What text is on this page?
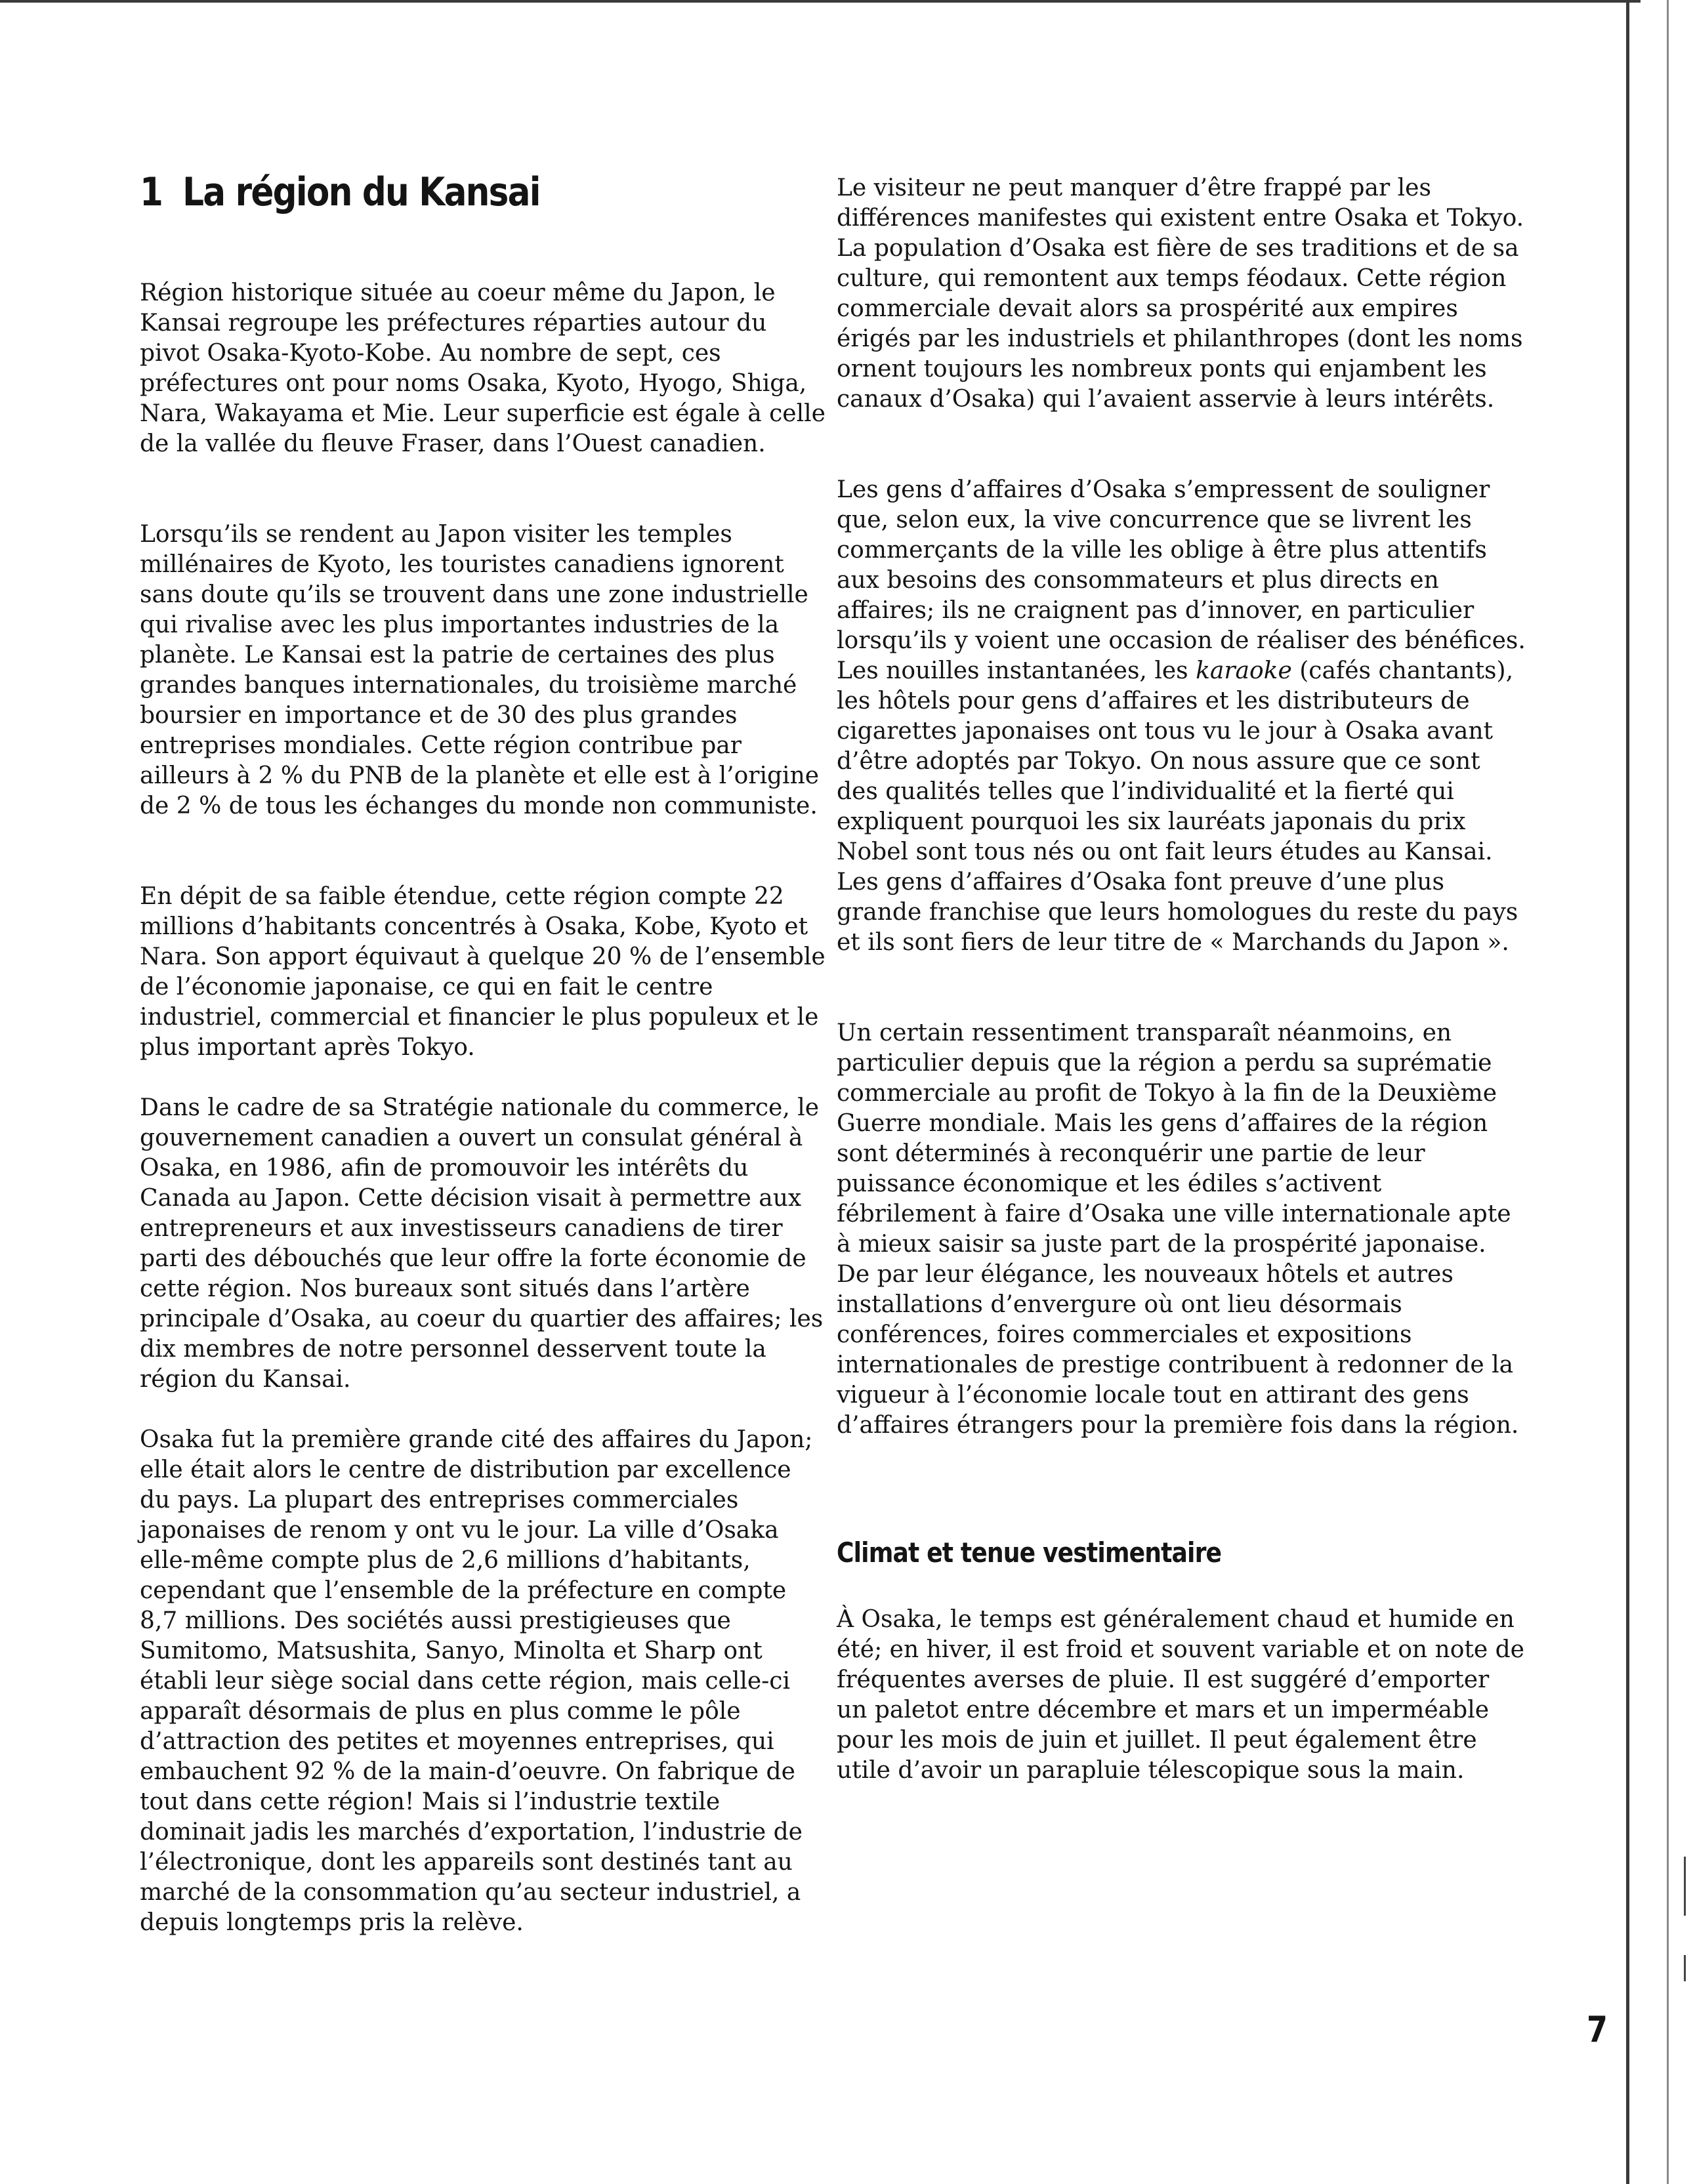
1 La région du Kansai

Région historique située au coeur même du Japon, le Kansai regroupe les préfectures réparties autour du pivot Osaka-Kyoto-Kobe. Au nombre de sept, ces préfectures ont pour noms Osaka, Kyoto, Hyogo, Shiga, Nara, Wakayama et Mie. Leur superficie est égale à celle de la vallée du fleuve Fraser, dans l’Ouest canadien.

Lorsqu’ils se rendent au Japon visiter les temples millénaires de Kyoto, les touristes canadiens ignorent sans doute qu’ils se trouvent dans une zone industrielle qui rivalise avec les plus importantes industries de la planète. Le Kansai est la patrie de certaines des plus grandes banques internationales, du troisième marché boursier en importance et de 30 des plus grandes entreprises mondiales. Cette région contribue par ailleurs à 2 % du PNB de la planète et elle est à l’origine de 2 % de tous les échanges du monde non communiste.

En dépit de sa faible étendue, cette région compte 22 millions d’habitants concentrés à Osaka, Kobe, Kyoto et Nara. Son apport équivaut à quelque 20 % de l’ensemble de l’économie japonaise, ce qui en fait le centre industriel, commercial et financier le plus populeux et le plus important après Tokyo.

Dans le cadre de sa Stratégie nationale du commerce, le gouvernement canadien a ouvert un consulat général à Osaka, en 1986, afin de promouvoir les intérêts du Canada au Japon. Cette décision visait à permettre aux entrepreneurs et aux investisseurs canadiens de tirer parti des débouchés que leur offre la forte économie de cette région. Nos bureaux sont situés dans l’artère principale d’Osaka, au coeur du quartier des affaires; les dix membres de notre personnel desservent toute la région du Kansai.

Osaka fut la première grande cité des affaires du Japon; elle était alors le centre de distribution par excellence du pays. La plupart des entreprises commerciales japonaises de renom y ont vu le jour. La ville d’Osaka elle-même compte plus de 2,6 millions d’habitants, cependant que l’ensemble de la préfecture en compte 8,7 millions. Des sociétés aussi prestigieuses que Sumitomo, Matsushita, Sanyo, Minolta et Sharp ont établi leur siège social dans cette région, mais celle-ci apparaît désormais de plus en plus comme le pôle d’attraction des petites et moyennes entreprises, qui embauchent 92 % de la main-d’oeuvre. On fabrique de tout dans cette région! Mais si l’industrie textile dominait jadis les marchés d’exportation, l’industrie de l’électronique, dont les appareils sont destinés tant au marché de la consommation qu’au secteur industriel, a depuis longtemps pris la relève.

Le visiteur ne peut manquer d’être frappé par les différences manifestes qui existent entre Osaka et Tokyo. La population d’Osaka est fière de ses traditions et de sa culture, qui remontent aux temps féodaux. Cette région commerciale devait alors sa prospérité aux empires érigés par les industriels et philanthropes (dont les noms ornent toujours les nombreux ponts qui enjambent les canaux d’Osaka) qui l’avaient asservie à leurs intérêts.

Les gens d’affaires d’Osaka s’empressent de souligner que, selon eux, la vive concurrence que se livrent les commerçants de la ville les oblige à être plus attentifs aux besoins des consommateurs et plus directs en affaires; ils ne craignent pas d’innover, en particulier lorsqu’ils y voient une occasion de réaliser des bénéfices. Les nouilles instantanées, les karaoke (cafés chantants), les hôtels pour gens d’affaires et les distributeurs de cigarettes japonaises ont tous vu le jour à Osaka avant d’être adoptés par Tokyo. On nous assure que ce sont des qualités telles que l’individualité et la fierté qui expliquent pourquoi les six lauréats japonais du prix Nobel sont tous nés ou ont fait leurs études au Kansai. Les gens d’affaires d’Osaka font preuve d’une plus grande franchise que leurs homologues du reste du pays et ils sont fiers de leur titre de « Marchands du Japon ».

Un certain ressentiment transparaît néanmoins, en particulier depuis que la région a perdu sa suprématie commerciale au profit de Tokyo à la fin de la Deuxième Guerre mondiale. Mais les gens d’affaires de la région sont déterminés à reconquérir une partie de leur puissance économique et les édiles s’activent fébrilement à faire d’Osaka une ville internationale apte à mieux saisir sa juste part de la prospérité japonaise. De par leur élégance, les nouveaux hôtels et autres installations d’envergure où ont lieu désormais conférences, foires commerciales et expositions internationales de prestige contribuent à redonner de la vigueur à l’économie locale tout en attirant des gens d’affaires étrangers pour la première fois dans la région.

Climat et tenue vestimentaire

À Osaka, le temps est généralement chaud et humide en été; en hiver, il est froid et souvent variable et on note de fréquentes averses de pluie. Il est suggéré d’emporter un paletot entre décembre et mars et un imperméable pour les mois de juin et juillet. Il peut également être utile d’avoir un parapluie télescopique sous la main.

7
